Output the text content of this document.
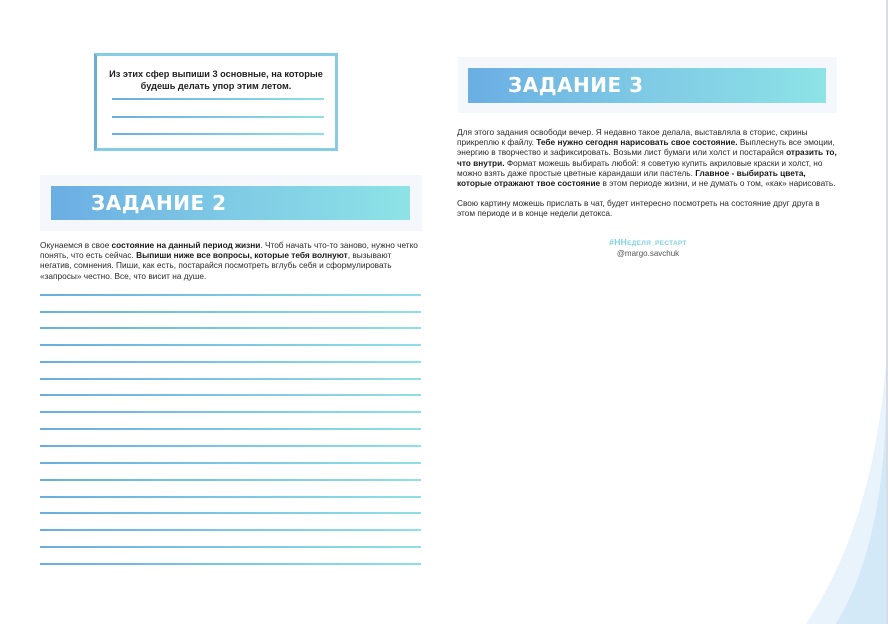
Из этих сфер выпиши 3 основные, на которые будешь делать упор этим летом.
ЗАДАНИЕ 2

Окунаемся в свое состояние на данный период жизни. Чтоб начать что-то заново, нужно четко понять, что есть сейчас. Выпиши ниже все вопросы, которые тебя волнуют, вызывают негатив, сомнения. Пиши, как есть, постарайся посмотреть вглубь себя и сформулировать «запросы» честно. Все, что висит на душе.

ЗАДАНИЕ 3

Для этого задания освободи вечер. Я недавно такое делала, выставляла в сторис, скрины прикреплю к файлу. Тебе нужно сегодня нарисовать свое состояние. Выплеснуть все эмоции, энергию в творчество и зафиксировать. Возьми лист бумаги или холст и постарайся отразить то, что внутри. Формат можешь выбирать любой: я советую купить акриловые краски и холст, но можно взять даже простые цветные карандаши или пастель. Главное - выбирать цвета, которые отражают твое состояние в этом периоде жизни, и не думать о том, «как» нарисовать.

Свою картину можешь прислать в чат, будет интересно посмотреть на состояние друг друга в этом периоде и в конце недели детокса.

#ННЕДЕЛЯ_РЕСТАРТ
@margo.savchuk
